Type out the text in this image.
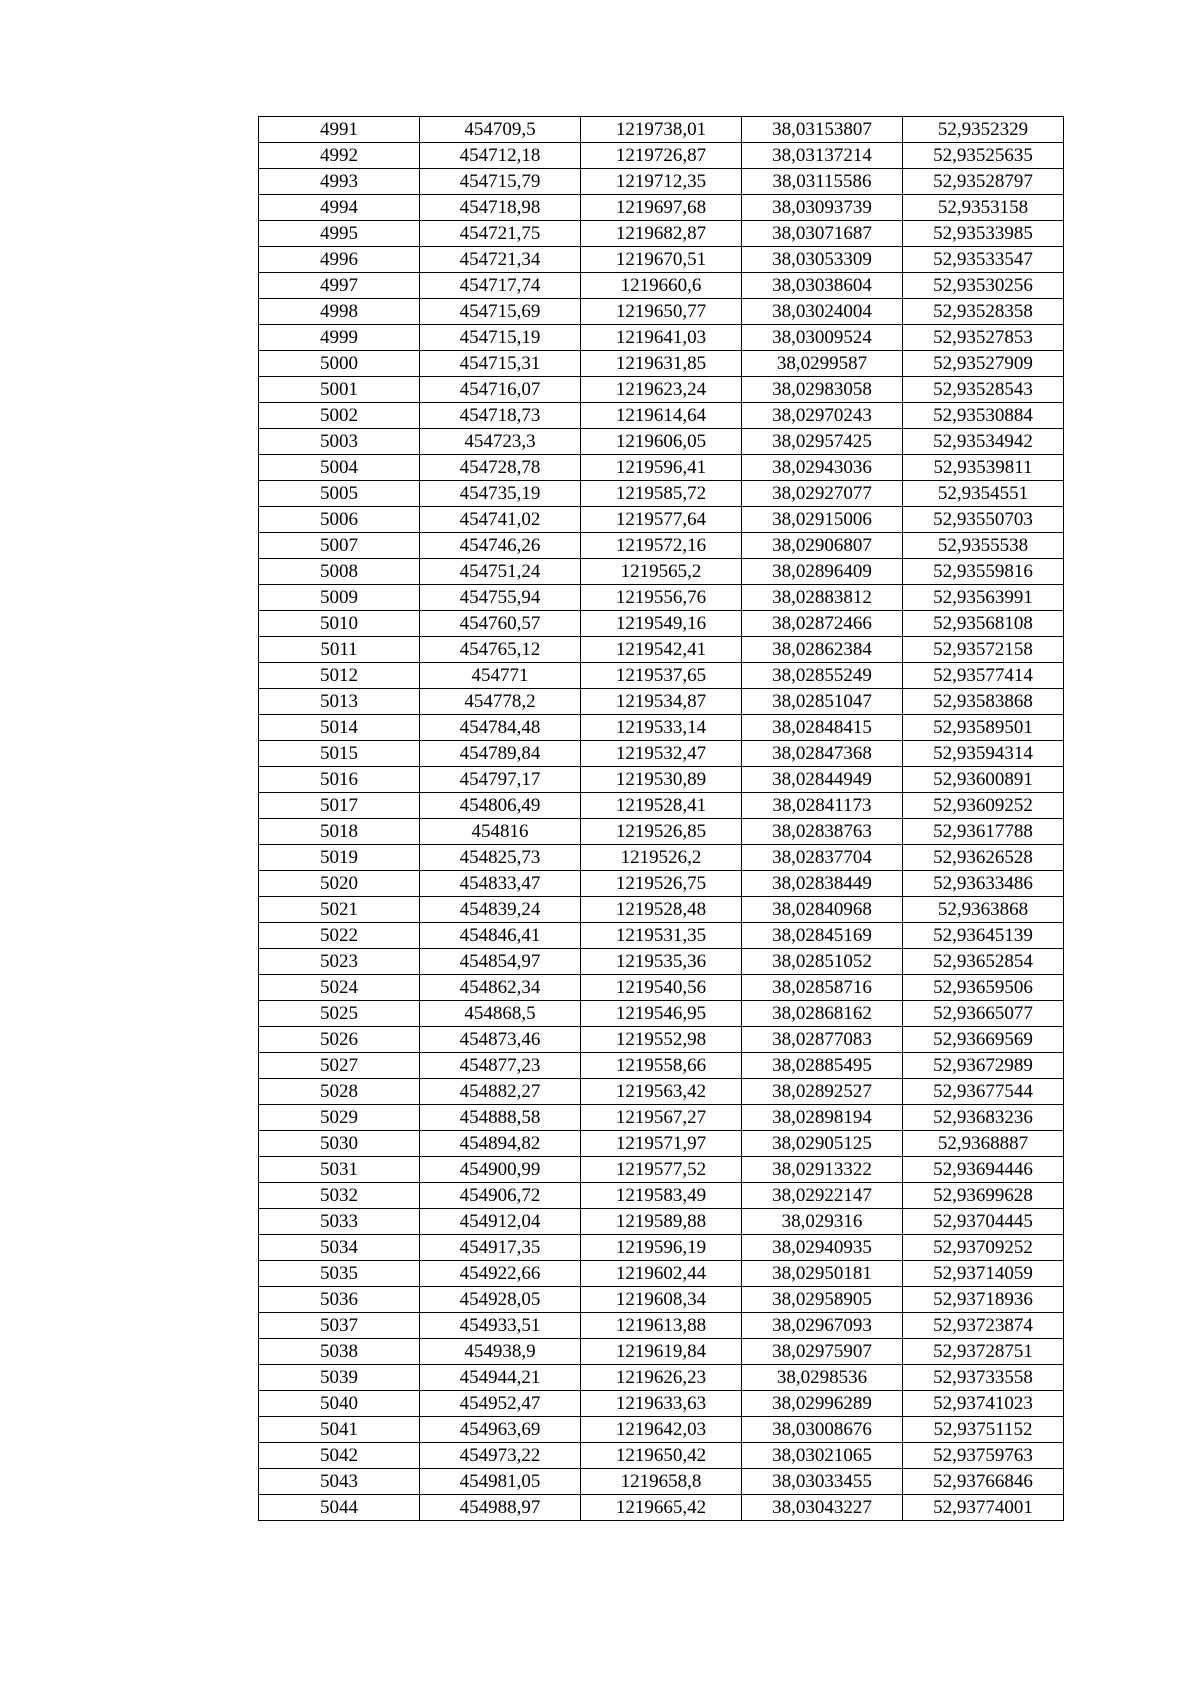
4991	454709,5	1219738,01	38,03153807	52,9352329
4992	454712,18	1219726,87	38,03137214	52,93525635
4993	454715,79	1219712,35	38,03115586	52,93528797
4994	454718,98	1219697,68	38,03093739	52,9353158
4995	454721,75	1219682,87	38,03071687	52,93533985
4996	454721,34	1219670,51	38,03053309	52,93533547
4997	454717,74	1219660,6	38,03038604	52,93530256
4998	454715,69	1219650,77	38,03024004	52,93528358
4999	454715,19	1219641,03	38,03009524	52,93527853
5000	454715,31	1219631,85	38,0299587	52,93527909
5001	454716,07	1219623,24	38,02983058	52,93528543
5002	454718,73	1219614,64	38,02970243	52,93530884
5003	454723,3	1219606,05	38,02957425	52,93534942
5004	454728,78	1219596,41	38,02943036	52,93539811
5005	454735,19	1219585,72	38,02927077	52,9354551
5006	454741,02	1219577,64	38,02915006	52,93550703
5007	454746,26	1219572,16	38,02906807	52,9355538
5008	454751,24	1219565,2	38,02896409	52,93559816
5009	454755,94	1219556,76	38,02883812	52,93563991
5010	454760,57	1219549,16	38,02872466	52,93568108
5011	454765,12	1219542,41	38,02862384	52,93572158
5012	454771	1219537,65	38,02855249	52,93577414
5013	454778,2	1219534,87	38,02851047	52,93583868
5014	454784,48	1219533,14	38,02848415	52,93589501
5015	454789,84	1219532,47	38,02847368	52,93594314
5016	454797,17	1219530,89	38,02844949	52,93600891
5017	454806,49	1219528,41	38,02841173	52,93609252
5018	454816	1219526,85	38,02838763	52,93617788
5019	454825,73	1219526,2	38,02837704	52,93626528
5020	454833,47	1219526,75	38,02838449	52,93633486
5021	454839,24	1219528,48	38,02840968	52,9363868
5022	454846,41	1219531,35	38,02845169	52,93645139
5023	454854,97	1219535,36	38,02851052	52,93652854
5024	454862,34	1219540,56	38,02858716	52,93659506
5025	454868,5	1219546,95	38,02868162	52,93665077
5026	454873,46	1219552,98	38,02877083	52,93669569
5027	454877,23	1219558,66	38,02885495	52,93672989
5028	454882,27	1219563,42	38,02892527	52,93677544
5029	454888,58	1219567,27	38,02898194	52,93683236
5030	454894,82	1219571,97	38,02905125	52,9368887
5031	454900,99	1219577,52	38,02913322	52,93694446
5032	454906,72	1219583,49	38,02922147	52,93699628
5033	454912,04	1219589,88	38,029316	52,93704445
5034	454917,35	1219596,19	38,02940935	52,93709252
5035	454922,66	1219602,44	38,02950181	52,93714059
5036	454928,05	1219608,34	38,02958905	52,93718936
5037	454933,51	1219613,88	38,02967093	52,93723874
5038	454938,9	1219619,84	38,02975907	52,93728751
5039	454944,21	1219626,23	38,0298536	52,93733558
5040	454952,47	1219633,63	38,02996289	52,93741023
5041	454963,69	1219642,03	38,03008676	52,93751152
5042	454973,22	1219650,42	38,03021065	52,93759763
5043	454981,05	1219658,8	38,03033455	52,93766846
5044	454988,97	1219665,42	38,03043227	52,93774001
